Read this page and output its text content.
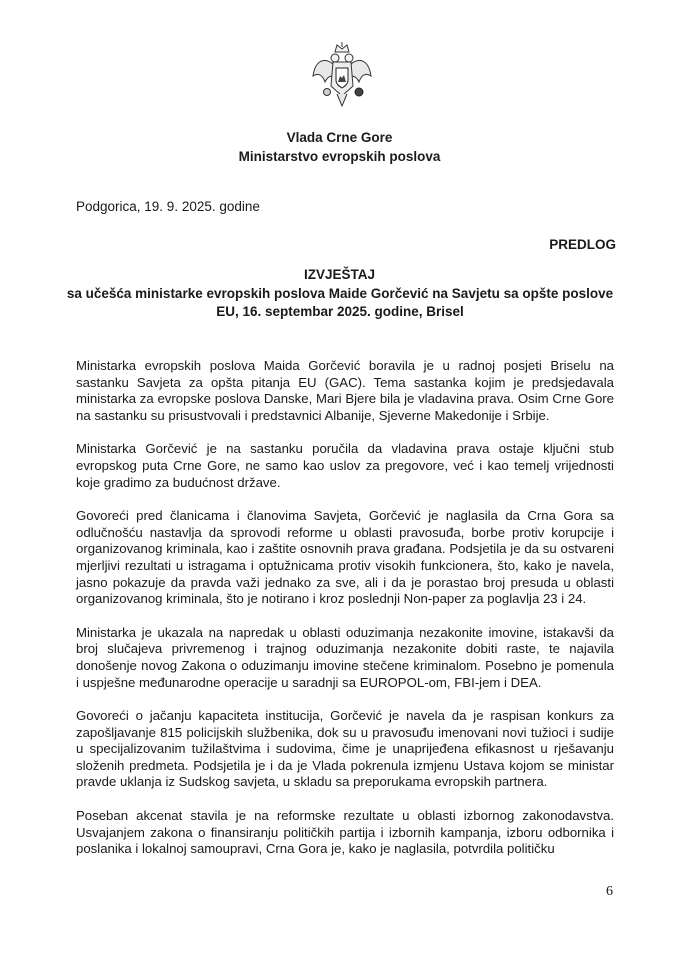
Vlada Crne Gore
Ministarstvo evropskih poslova
Podgorica, 19. 9. 2025. godine
PREDLOG
IZVJEŠTAJ
sa učešća ministarke evropskih poslova Maide Gorčević na Savjetu sa opšte poslove EU, 16. septembar 2025. godine, Brisel

Ministarka evropskih poslova Maida Gorčević boravila je u radnoj posjeti Briselu na sastanku Savjeta za opšta pitanja EU (GAC). Tema sastanka kojim je predsjedavala ministarka za evropske poslova Danske, Mari Bjere bila je vladavina prava. Osim Crne Gore na sastanku su prisustvovali i predstavnici Albanije, Sjeverne Makedonije i Srbije.

Ministarka Gorčević je na sastanku poručila da vladavina prava ostaje ključni stub evropskog puta Crne Gore, ne samo kao uslov za pregovore, već i kao temelj vrijednosti koje gradimo za budućnost države.

Govoreći pred članicama i članovima Savjeta, Gorčević je naglasila da Crna Gora sa odlučnošću nastavlja da sprovodi reforme u oblasti pravosuđa, borbe protiv korupcije i organizovanog kriminala, kao i zaštite osnovnih prava građana. Podsjetila je da su ostvareni mjerljivi rezultati u istragama i optužnicama protiv visokih funkcionera, što, kako je navela, jasno pokazuje da pravda važi jednako za sve, ali i da je porastao broj presuda u oblasti organizovanog kriminala, što je notirano i kroz poslednji Non-paper za poglavlja 23 i 24.

Ministarka je ukazala na napredak u oblasti oduzimanja nezakonite imovine, istakavši da broj slučajeva privremenog i trajnog oduzimanja nezakonite dobiti raste, te najavila donošenje novog Zakona o oduzimanju imovine stečene kriminalom. Posebno je pomenula i uspješne međunarodne operacije u saradnji sa EUROPOL-om, FBI-jem i DEA.

Govoreći o jačanju kapaciteta institucija, Gorčević je navela da je raspisan konkurs za zapošljavanje 815 policijskih službenika, dok su u pravosuđu imenovani novi tužioci i sudije u specijalizovanim tužilaštvima i sudovima, čime je unaprijeđena efikasnost u rješavanju složenih predmeta. Podsjetila je i da je Vlada pokrenula izmjenu Ustava kojom se ministar pravde uklanja iz Sudskog savjeta, u skladu sa preporukama evropskih partnera.

Poseban akcenat stavila je na reformske rezultate u oblasti izbornog zakonodavstva. Usvajanjem zakona o finansiranju političkih partija i izbornih kampanja, izboru odbornika i poslanika i lokalnoj samoupravi, Crna Gora je, kako je naglasila, potvrdila političku

6
